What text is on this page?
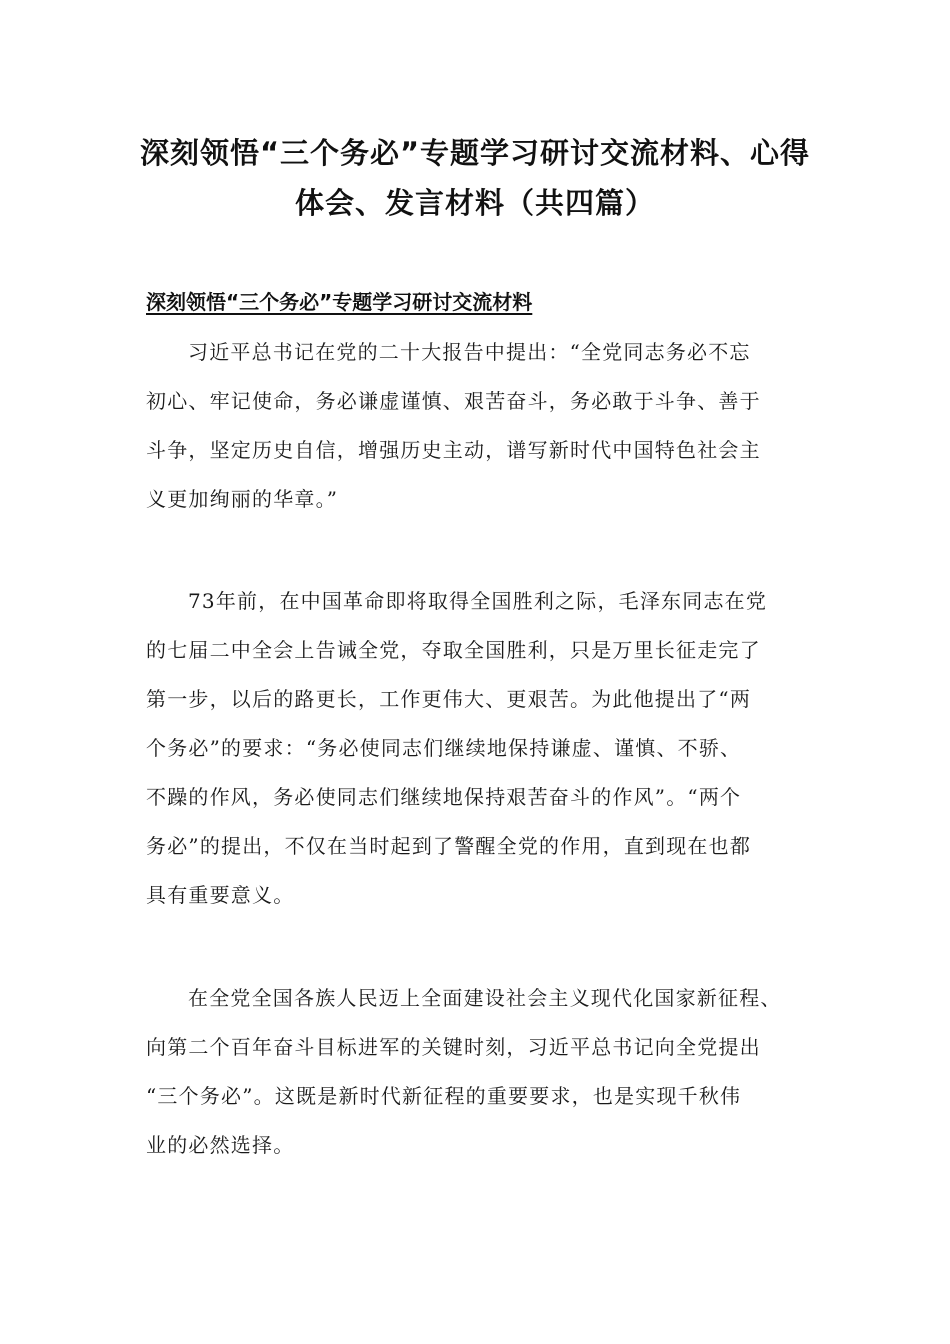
深刻领悟“三个务必”专题学习研讨交流材料、心得
体会、发言材料（共四篇）
深刻领悟“三个务必”专题学习研讨交流材料

习近平总书记在党的二十大报告中提出：“全党同志务必不忘

初心、牢记使命，务必谦虚谨慎、艰苦奋斗，务必敢于斗争、善于

斗争，坚定历史自信，增强历史主动，谱写新时代中国特色社会主

义更加绚丽的华章。”

73年前，在中国革命即将取得全国胜利之际，毛泽东同志在党

的七届二中全会上告诫全党，夺取全国胜利，只是万里长征走完了

第一步，以后的路更长，工作更伟大、更艰苦。为此他提出了“两

个务必”的要求：“务必使同志们继续地保持谦虚、谨慎、不骄、

不躁的作风，务必使同志们继续地保持艰苦奋斗的作风”。“两个

务必”的提出，不仅在当时起到了警醒全党的作用，直到现在也都

具有重要意义。

在全党全国各族人民迈上全面建设社会主义现代化国家新征程、

向第二个百年奋斗目标进军的关键时刻，习近平总书记向全党提出

“三个务必”。这既是新时代新征程的重要要求，也是实现千秋伟

业的必然选择。
